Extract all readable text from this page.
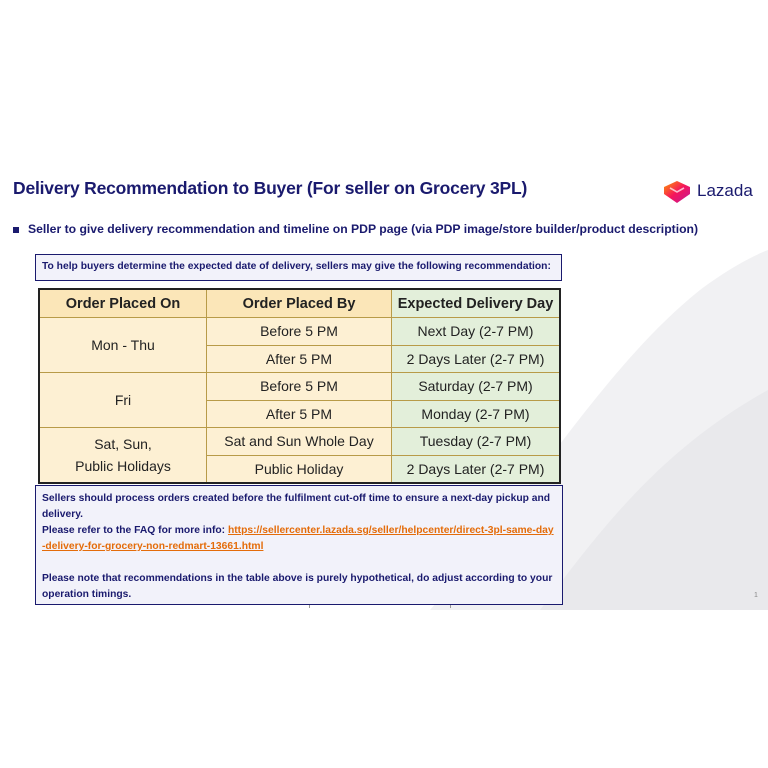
Delivery Recommendation to Buyer (For seller on Grocery 3PL)	Lazada
Seller to give delivery recommendation and timeline on PDP page (via PDP image/store builder/product description)
To help buyers determine the expected date of delivery, sellers may give the following recommendation:
Order Placed On	Order Placed By	Expected Delivery Day
Mon - Thu	Before 5 PM	Next Day (2-7 PM)
	After 5 PM	2 Days Later (2-7 PM)
Fri	Before 5 PM	Saturday (2-7 PM)
	After 5 PM	Monday (2-7 PM)

Sat, Sun,
Public Holidays	Sat and Sun Whole Day	Tuesday (2-7 PM)
	Public Holiday	2 Days Later (2-7 PM)
Sellers should process orders created before the fulfilment cut-off time to ensure a next-day pickup and delivery.
Please refer to the FAQ for more info: https://sellercenter.lazada.sg/seller/helpcenter/direct-3pl-same-day-delivery-for-grocery-non-redmart-13661.html
Please note that recommendations in the table above is purely hypothetical, do adjust according to your operation timings.	1
